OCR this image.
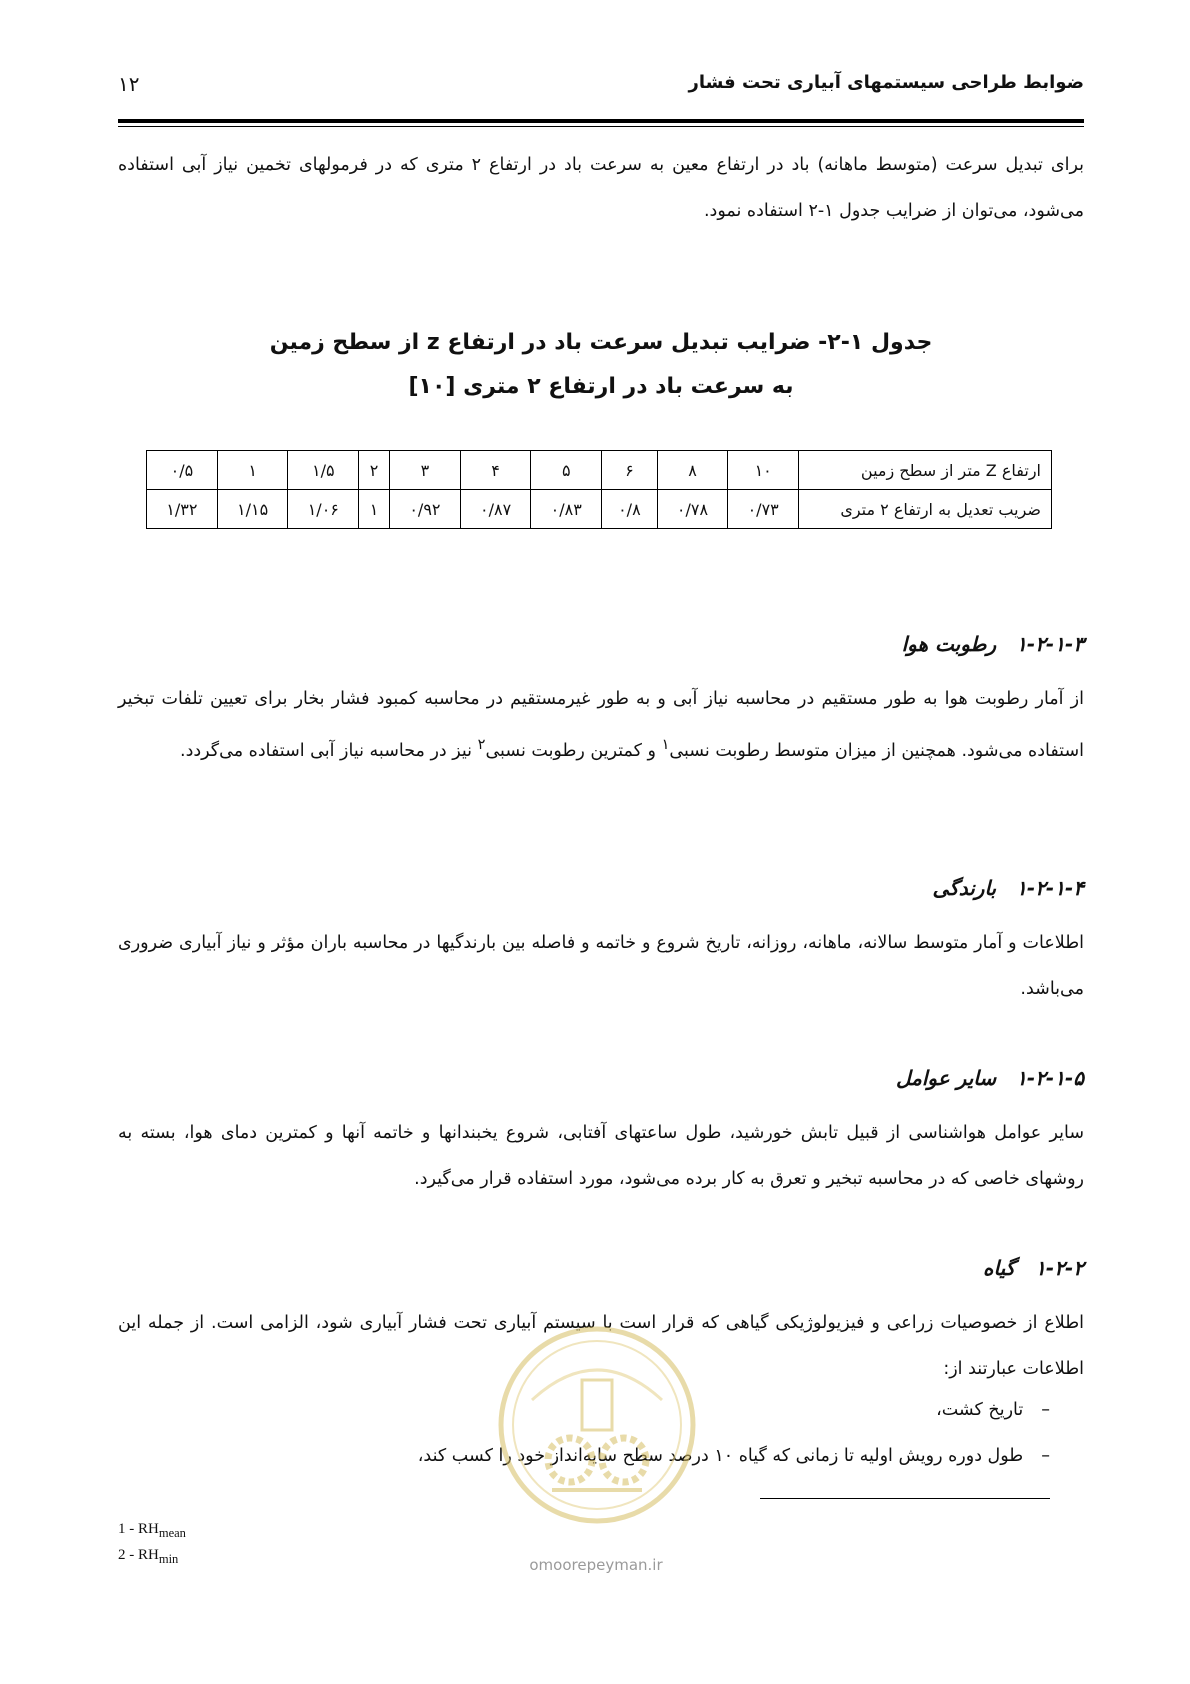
ضوابط طراحی سیستمهای آبیاری تحت فشار
۱۲
برای تبدیل سرعت (متوسط ماهانه) باد در ارتفاع معین به سرعت باد در ارتفاع ۲ متری که در فرمولهای تخمین نیاز آبی استفاده می‌شود، می‌توان از ضرایب جدول ۱-۲ استفاده نمود.
جدول ۱-۲- ضرایب تبدیل سرعت باد در ارتفاع z از سطح زمین
به سرعت باد در ارتفاع ۲ متری [۱۰]
ارتفاع Z متر از سطح زمین	۱۰	۸	۶	۵	۴	۳	۲	۱/۵	۱	۰/۵
ضریب تعدیل به ارتفاع ۲ متری	۰/۷۳	۰/۷۸	۰/۸	۰/۸۳	۰/۸۷	۰/۹۲	۱	۱/۰۶	۱/۱۵	۱/۳۲
۱-۲-۱-۳رطوبت هوا
از آمار رطوبت هوا به طور مستقیم در محاسبه نیاز آبی و به طور غیرمستقیم در محاسبه کمبود فشار بخار برای تعیین تلفات تبخیر استفاده می‌شود. همچنین از میزان متوسط رطوبت نسبی$^۱$ و کمترین رطوبت نسبی$^۲$ نیز در محاسبه نیاز آبی استفاده می‌گردد.
۱-۲-۱-۴بارندگی
اطلاعات و آمار متوسط سالانه، ماهانه، روزانه، تاریخ شروع و خاتمه و فاصله بین بارندگیها در محاسبه باران مؤثر و نیاز آبیاری ضروری می‌باشد.
۱-۲-۱-۵سایر عوامل
سایر عوامل هواشناسی از قبیل تابش خورشید، طول ساعتهای آفتابی، شروع یخبندانها و خاتمه آنها و کمترین دمای هوا، بسته به روشهای خاصی که در محاسبه تبخیر و تعرق به کار برده می‌شود، مورد استفاده قرار می‌گیرد.
۱-۲-۲گیاه
اطلاع از خصوصیات زراعی و فیزیولوژیکی گیاهی که قرار است با سیستم آبیاری تحت فشار آبیاری شود، الزامی است. از جمله این اطلاعات عبارتند از:
–تاریخ کشت،
–طول دوره رویش اولیه تا زمانی که گیاه ۱۰ درصد سطح سایه‌انداز خود را کسب کند،
omoorepeyman.ir
$1 - RH_{mean}$
$2 - RH_{min}$
